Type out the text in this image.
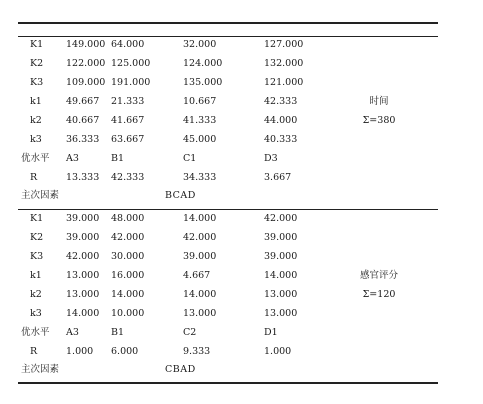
K1	149.000 64.000	32.000	127.000
K2	122.000 125.000	124.000	132.000
K3	109.000 191.000	135.000	121.000
k1	49.667	21.333	10.667	42.333	时间
k2	40.667	41.667	41.333	44.000	Σ=380
k3	36.333	63.667	45.000	40.333
优水平 A3	B1	C1	D3
R	13.333	42.333	34.333	3.667
主次因素	BCAD
K1	39.000	48.000	14.000	42.000
K2	39.000	42.000	42.000	39.000
K3	42.000	30.000	39.000	39.000
k1	13.000	16.000	4.667	14.000	感官评分
k2	13.000	14.000	14.000	13.000	Σ=120
k3	14.000	10.000	13.000	13.000
优水平 A3	B1	C2	D1
R	1.000	6.000	9.333	1.000
主次因素	CBAD
